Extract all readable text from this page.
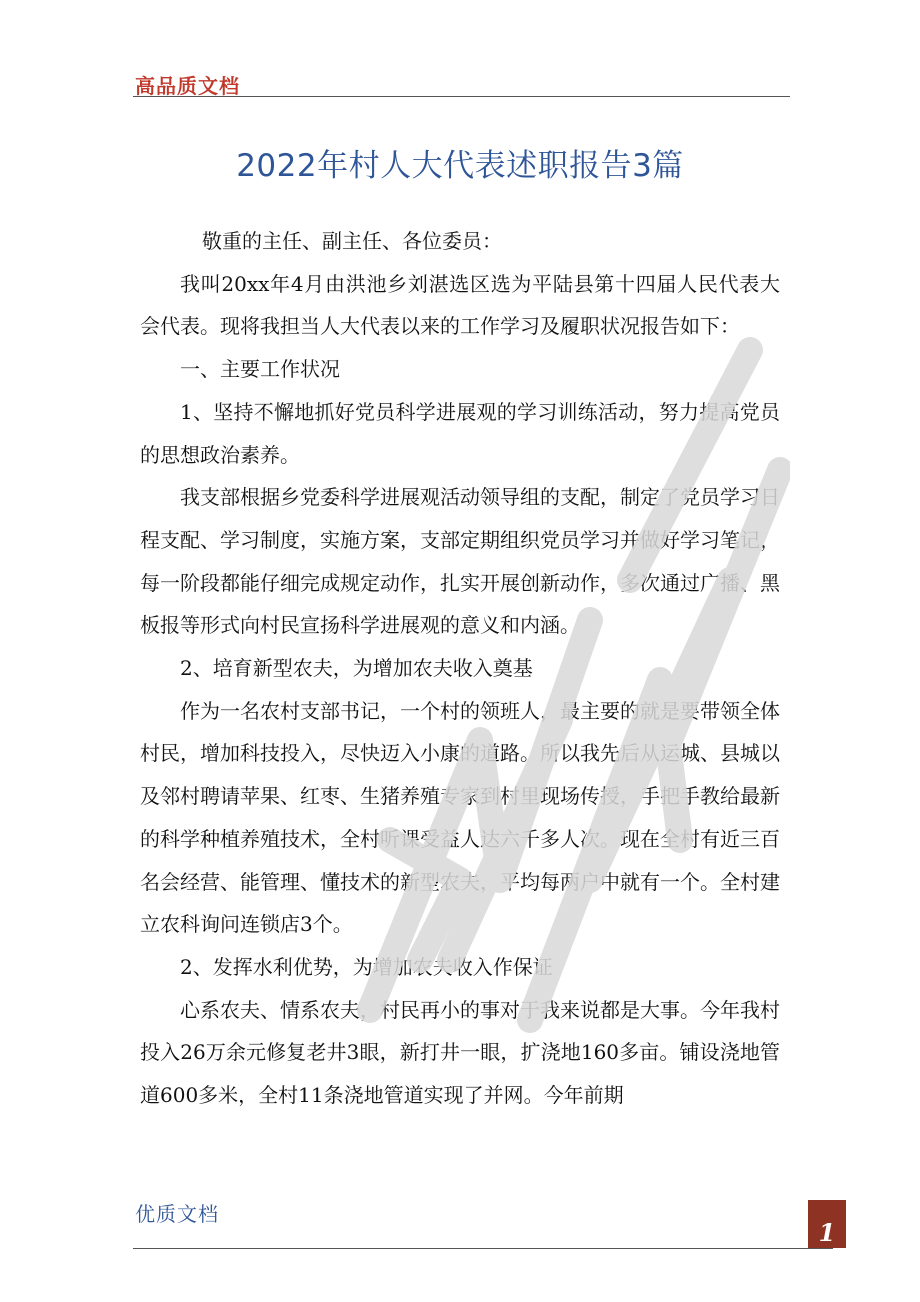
高品质文档
2022年村人大代表述职报告3篇

敬重的主任、副主任、各位委员：

我叫20xx年4月由洪池乡刘湛选区选为平陆县第十四届人民代表大会代表。现将我担当人大代表以来的工作学习及履职状况报告如下：

一、主要工作状况

1、坚持不懈地抓好党员科学进展观的学习训练活动，努力提高党员的思想政治素养。

我支部根据乡党委科学进展观活动领导组的支配，制定了党员学习日程支配、学习制度，实施方案，支部定期组织党员学习并做好学习笔记，每一阶段都能仔细完成规定动作，扎实开展创新动作，多次通过广播、黑板报等形式向村民宣扬科学进展观的意义和内涵。

2、培育新型农夫，为增加农夫收入奠基

作为一名农村支部书记，一个村的领班人，最主要的就是要带领全体村民，增加科技投入，尽快迈入小康的道路。所以我先后从运城、县城以及邻村聘请苹果、红枣、生猪养殖专家到村里现场传授，手把手教给最新的科学种植养殖技术，全村听课受益人达六千多人次。现在全村有近三百名会经营、能管理、懂技术的新型农夫，平均每两户中就有一个。全村建立农科询问连锁店3个。

2、发挥水利优势，为增加农夫收入作保证

心系农夫、情系农夫，村民再小的事对于我来说都是大事。今年我村投入26万余元修复老井3眼，新打井一眼，扩浇地160多亩。铺设浇地管道600多米，全村11条浇地管道实现了并网。今年前期

优质文档
1
